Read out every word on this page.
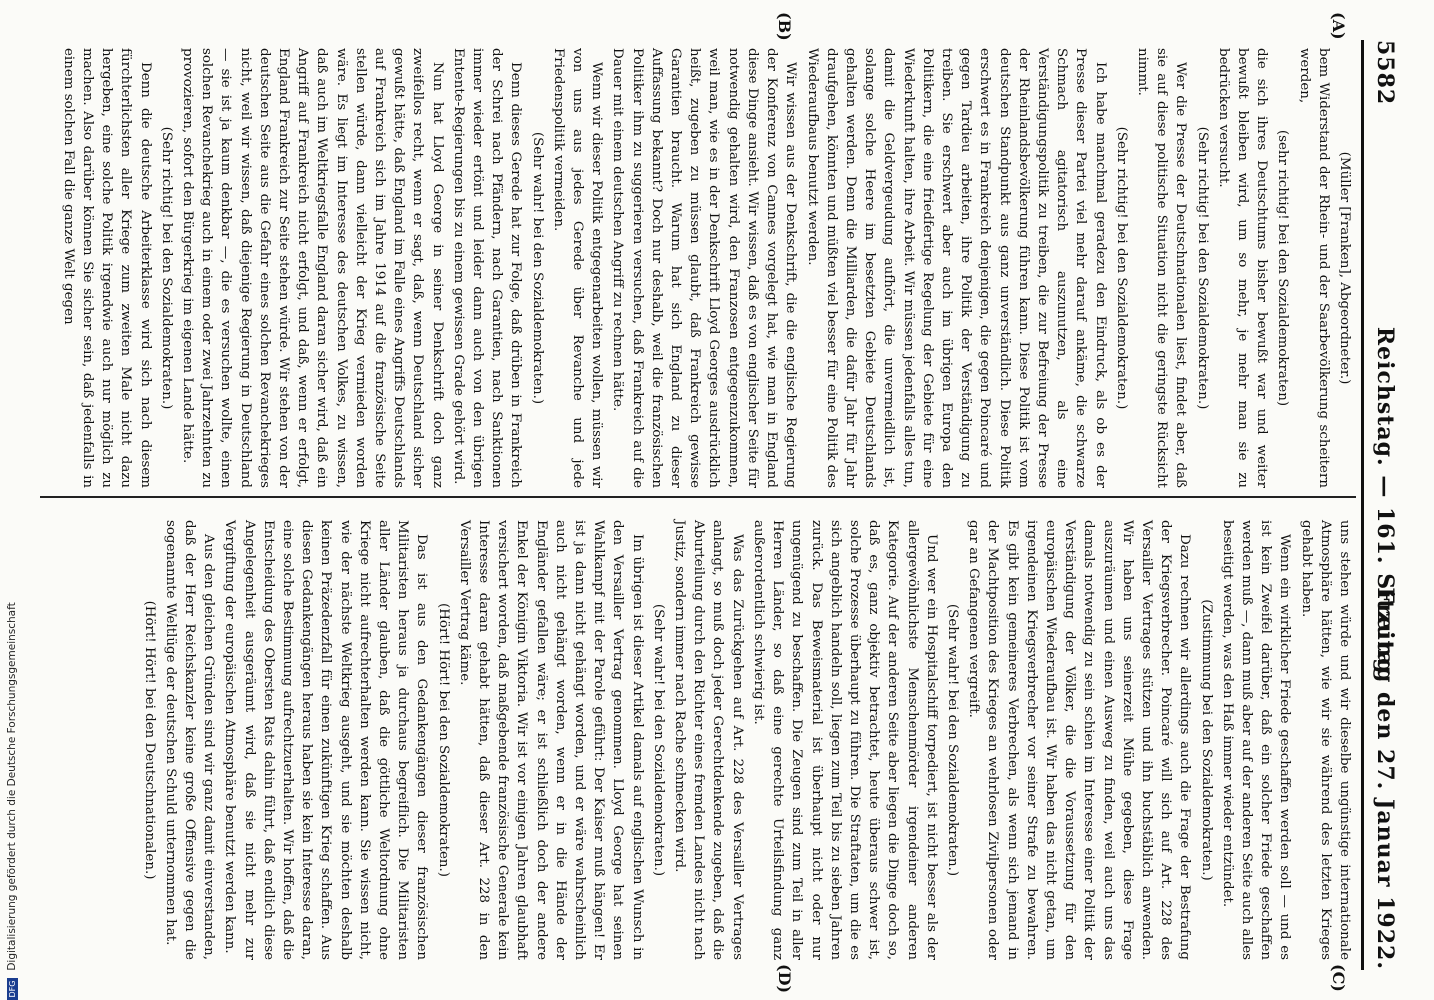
5582
Reichstag. — 161. Sitzung.
Freitag den 27. Januar 1922.
(A)
(B)
(C)
(D)

(Müller [Franken], Abgeordneter.)

bem Widerstand der Rhein- und der Saarbevölkerung scheitern werden,

(sehr richtig! bei den Sozialdemokraten)

die sich ihres Deutschtums bisher bewußt war und weiter bewußt bleiben wird, um so mehr, je mehr man sie zu bedrücken versucht.

(Sehr richtig! bei den Sozialdemokraten.)

Wer die Presse der Deutschnationalen liest, findet aber, daß sie auf diese politische Situation nicht die geringste Rücksicht nimmt.

(Sehr richtig! bei den Sozialdemokraten.)

Ich habe manchmal geradezu den Eindruck, als ob es der Presse dieser Partei viel mehr darauf ankäme, die schwarze Schmach agitatorisch auszunutzen, als eine Verständigungspolitik zu treiben, die zur Befreiung der Presse der Rheinlandsbevölkerung führen kann. Diese Politik ist vom deutschen Standpunkt aus ganz unverständlich. Diese Politik erschwert es in Frankreich denjenigen, die gegen Poincaré und gegen Tardieu arbeiten, ihre Politik der Verständigung zu treiben. Sie erschwert aber auch im übrigen Europa den Politikern, die eine friedfertige Regelung der Gebiete für eine Wiederkunft halten, ihre Arbeit. Wir müssen jedenfalls alles tun, damit die Geldvergeudung aufhört, die unvermeidlich ist, solange solche Heere im besetzten Gebiete Deutschlands gehalten werden. Denn die Milliarden, die dafür Jahr für Jahr draufgehen, könnten und müßten viel besser für eine Politik des Wiederaufbaus benutzt werden.

Wir wissen aus der Denkschrift, die die englische Regierung der Konferenz von Cannes vorgelegt hat, wie man in England diese Dinge ansieht. Wir wissen, daß es von englischer Seite für notwendig gehalten wird, den Franzosen entgegenzukommen, weil man, wie es in der Denkschrift Lloyd Georges ausdrücklich heißt, zugeben zu müssen glaubt, daß Frankreich gewisse Garantien braucht. Warum hat sich England zu dieser Auffassung bekannt? Doch nur deshalb, weil die französischen Politiker ihm zu suggerieren versuchen, daß Frankreich auf die Dauer mit einem deutschen Angriff zu rechnen hätte.

Wenn wir dieser Politik entgegenarbeiten wollen, müssen wir von uns aus jedes Gerede über Revanche und jede Friedenspolitik vermeiden.

(Sehr wahr! bei den Sozialdemokraten.)

Denn dieses Gerede hat zur Folge, daß drüben in Frankreich der Schrei nach Pfändern, nach Garantien, nach Sanktionen immer wieder ertönt und leider dann auch von den übrigen Entente-Regierungen bis zu einem gewissen Grade gehört wird.

Nun hat Lloyd George in seiner Denkschrift doch ganz zweifellos recht, wenn er sagt, daß, wenn Deutschland sicher gewußt hätte, daß England im Falle eines Angriffs Deutschlands auf Frankreich sich im Jahre 1914 auf die französische Seite stellen würde, dann vielleicht der Krieg vermieden worden wäre. Es liegt im Interesse des deutschen Volkes, zu wissen, daß auch im Weltkriegsfalle England daran sicher wird, daß ein Angriff auf Frankreich nicht erfolgt, und daß, wenn er erfolgt, England Frankreich zur Seite stehen würde. Wir stehen von der deutschen Seite aus die Gefahr eines solchen Revanchekrieges nicht, weil wir wissen, daß diejenige Regierung in Deutschland — sie ist ja kaum denkbar —, die es versuchen wollte, einen solchen Revanchekrieg auch in einem oder zwei Jahrzehnten zu provozieren, sofort den Bürgerkrieg im eigenen Lande hätte.

(Sehr richtig! bei den Sozialdemokraten.)

Denn die deutsche Arbeiterklasse wird sich nach diesem fürchterlichsten aller Kriege zum zweiten Male nicht dazu hergeben, eine solche Politik irgendwie auch nur möglich zu machen. Also darüber können Sie sicher sein, daß jedenfalls in einem solchen Fall die ganze Welt gegen

uns stehen würde und wir dieselbe ungünstige internationale Atmosphäre hätten, wie wir sie während des letzten Krieges gehabt haben.

Wenn ein wirklicher Friede geschaffen werden soll — und es ist kein Zweifel darüber, daß ein solcher Friede geschaffen werden muß —, dann muß aber auf der anderen Seite auch alles beseitigt werden, was den Haß immer wieder entzündet.

(Zustimmung bei den Sozialdemokraten.)

Dazu rechnen wir allerdings auch die Frage der Bestrafung der Kriegsverbrecher. Poincaré will sich auf Art. 228 des Versailler Vertrages stützen und ihn buchstäblich anwenden. Wir haben uns seinerzeit Mühe gegeben, diese Frage auszuräumen und einen Ausweg zu finden, weil auch uns das damals notwendig zu sein schien im Interesse einer Politik der Verständigung der Völker, die die Voraussetzung für den europäischen Wiederaufbau ist. Wir haben das nicht getan, um irgendeinen Kriegsverbrecher vor seiner Strafe zu bewahren. Es gibt kein gemeineres Verbrechen, als wenn sich jemand in der Machtposition des Krieges an wehrlosen Zivilpersonen oder gar an Gefangenen vergreift.

(Sehr wahr! bei den Sozialdemokraten.)

Und wer ein Hospitalschiff torpediert, ist nicht besser als der allergewöhnlichste Menschenmörder irgendeiner anderen Kategorie. Auf der anderen Seite aber liegen die Dinge doch so, daß es, ganz objektiv betrachtet, heute überaus schwer ist, solche Prozesse überhaupt zu führen. Die Straftaten, um die es sich angeblich handeln soll, liegen zum Teil bis zu sieben Jahren zurück. Das Beweismaterial ist überhaupt nicht oder nur ungenügend zu beschaffen. Die Zeugen sind zum Teil in aller Herren Länder, so daß eine gerechte Urteilsfindung ganz außerordentlich schwierig ist.

Was das Zurückgehen auf Art. 228 des Versailler Vertrages anlangt, so muß doch jeder Gerechtdenkende zugeben, daß die Aburteilung durch den Richter eines fremden Landes nicht nach Justiz, sondern immer nach Rache schmecken wird.

(Sehr wahr! bei den Sozialdemokraten.)

Im übrigen ist dieser Artikel damals auf englischen Wunsch in den Versailler Vertrag genommen. Lloyd George hat seinen Wahlkampf mit der Parole geführt: Der Kaiser muß hängen! Er ist ja dann nicht gehängt worden, und er wäre wahrscheinlich auch nicht gehängt worden, wenn er in die Hände der Engländer gefallen wäre; er ist schließlich doch der andere Enkel der Königin Viktoria. Wir ist vor einigen Jahren glaubhaft versichert worden, daß maßgebende französische Generale kein Interesse daran gehabt hätten, daß dieser Art. 228 in den Versailler Vertrag käme.

(Hört! Hört! bei den Sozialdemokraten.)

Das ist aus den Gedankengängen dieser französischen Militaristen heraus ja durchaus begreiflich. Die Militaristen aller Länder glauben, daß die göttliche Weltordnung ohne Kriege nicht aufrechterhalten werden kann. Sie wissen nicht, wie der nächste Weltkrieg ausgeht, und sie möchten deshalb keinen Präzedenzfall für einen zukünftigen Krieg schaffen. Aus diesen Gedankengängen heraus haben sie kein Interesse daran, eine solche Bestimmung aufrechtzuerhalten. Wir hoffen, daß die Entscheidung des Obersten Rats dahin führt, daß endlich diese Angelegenheit ausgeräumt wird, daß sie nicht mehr zur Vergiftung der europäischen Atmosphäre benutzt werden kann.

Aus den gleichen Gründen sind wir ganz damit einverstanden, daß der Herr Reichskanzler keine große Offensive gegen die sogenannte Weltlüge der deutschen Schuld unternommen hat.

(Hört! Hört! bei den Deutschnationalen.)

DFG Digitalisierung gefördert durch die Deutsche Forschungsgemeinschaft
